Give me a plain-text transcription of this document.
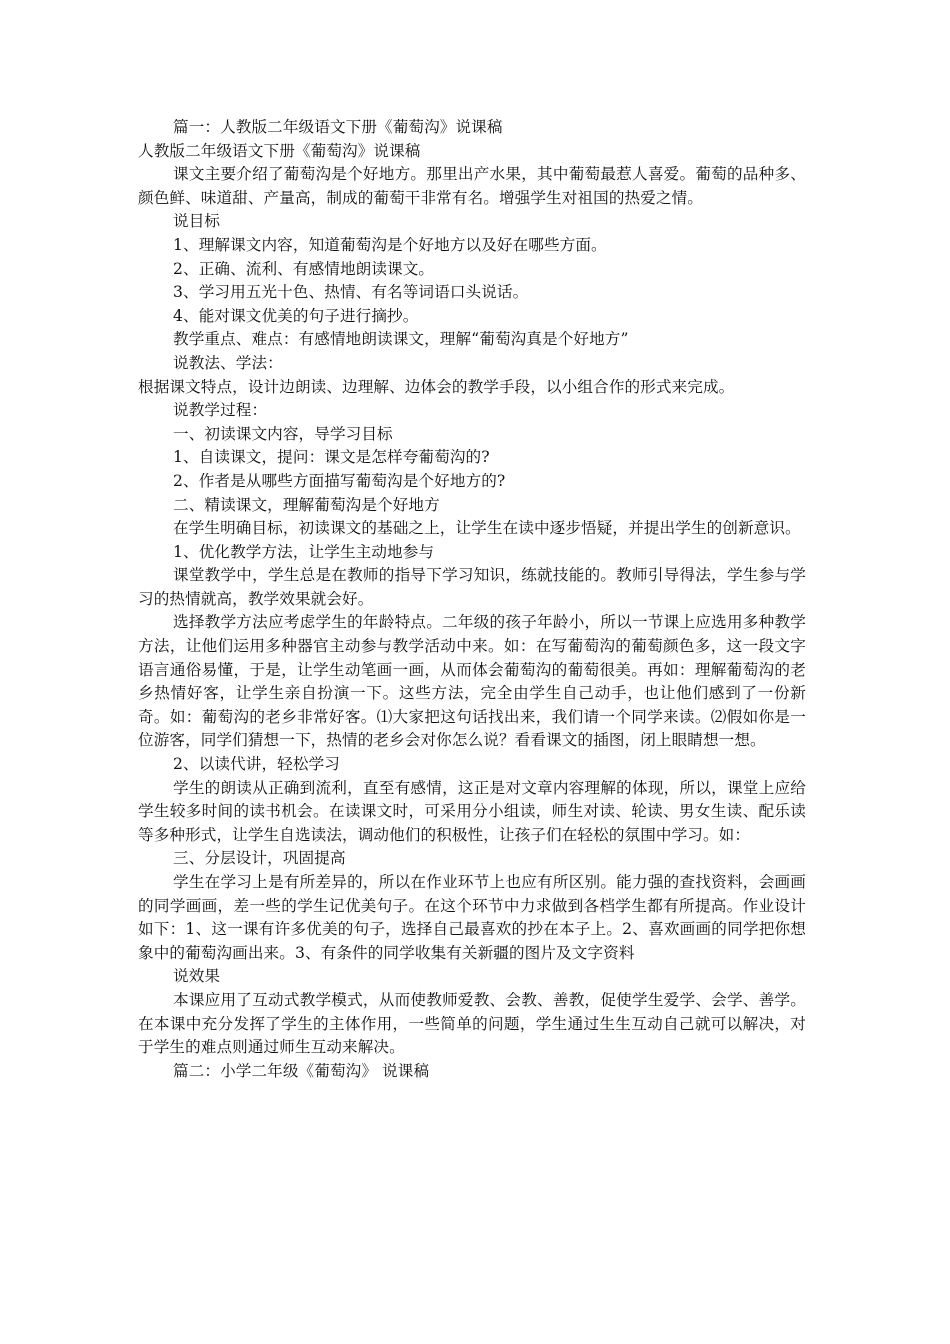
篇一：人教版二年级语文下册《葡萄沟》说课稿

人教版二年级语文下册《葡萄沟》说课稿

课文主要介绍了葡萄沟是个好地方。那里出产水果，其中葡萄最惹人喜爱。葡萄的品种多、颜色鲜、味道甜、产量高，制成的葡萄干非常有名。增强学生对祖国的热爱之情。

说目标

1、理解课文内容，知道葡萄沟是个好地方以及好在哪些方面。

2、正确、流利、有感情地朗读课文。

3、学习用五光十色、热情、有名等词语口头说话。

4、能对课文优美的句子进行摘抄。

教学重点、难点：有感情地朗读课文，理解“葡萄沟真是个好地方”

说教法、学法：

根据课文特点，设计边朗读、边理解、边体会的教学手段，以小组合作的形式来完成。

说教学过程：

一、初读课文内容，导学习目标

1、自读课文，提问：课文是怎样夸葡萄沟的?

2、作者是从哪些方面描写葡萄沟是个好地方的?

二、精读课文，理解葡萄沟是个好地方

在学生明确目标，初读课文的基础之上，让学生在读中逐步悟疑，并提出学生的创新意识。

1、优化教学方法，让学生主动地参与

课堂教学中，学生总是在教师的指导下学习知识，练就技能的。教师引导得法，学生参与学习的热情就高，教学效果就会好。

选择教学方法应考虑学生的年龄特点。二年级的孩子年龄小，所以一节课上应选用多种教学方法，让他们运用多种器官主动参与教学活动中来。如：在写葡萄沟的葡萄颜色多，这一段文字语言通俗易懂，于是，让学生动笔画一画，从而体会葡萄沟的葡萄很美。再如：理解葡萄沟的老乡热情好客，让学生亲自扮演一下。这些方法，完全由学生自己动手，也让他们感到了一份新奇。如：葡萄沟的老乡非常好客。⑴大家把这句话找出来，我们请一个同学来读。⑵假如你是一位游客，同学们猜想一下，热情的老乡会对你怎么说？看看课文的插图，闭上眼睛想一想。

2、以读代讲，轻松学习

学生的朗读从正确到流利，直至有感情，这正是对文章内容理解的体现，所以，课堂上应给学生较多时间的读书机会。在读课文时，可采用分小组读，师生对读、轮读、男女生读、配乐读等多种形式，让学生自选读法，调动他们的积极性，让孩子们在轻松的氛围中学习。如：

三、分层设计，巩固提高

学生在学习上是有所差异的，所以在作业环节上也应有所区别。能力强的查找资料，会画画的同学画画，差一些的学生记优美句子。在这个环节中力求做到各档学生都有所提高。作业设计如下：1、这一课有许多优美的句子，选择自己最喜欢的抄在本子上。2、喜欢画画的同学把你想象中的葡萄沟画出来。3、有条件的同学收集有关新疆的图片及文字资料

说效果

本课应用了互动式教学模式，从而使教师爱教、会教、善教，促使学生爱学、会学、善学。在本课中充分发挥了学生的主体作用，一些简单的问题，学生通过生生互动自己就可以解决，对于学生的难点则通过师生互动来解决。

篇二：小学二年级《葡萄沟》 说课稿
